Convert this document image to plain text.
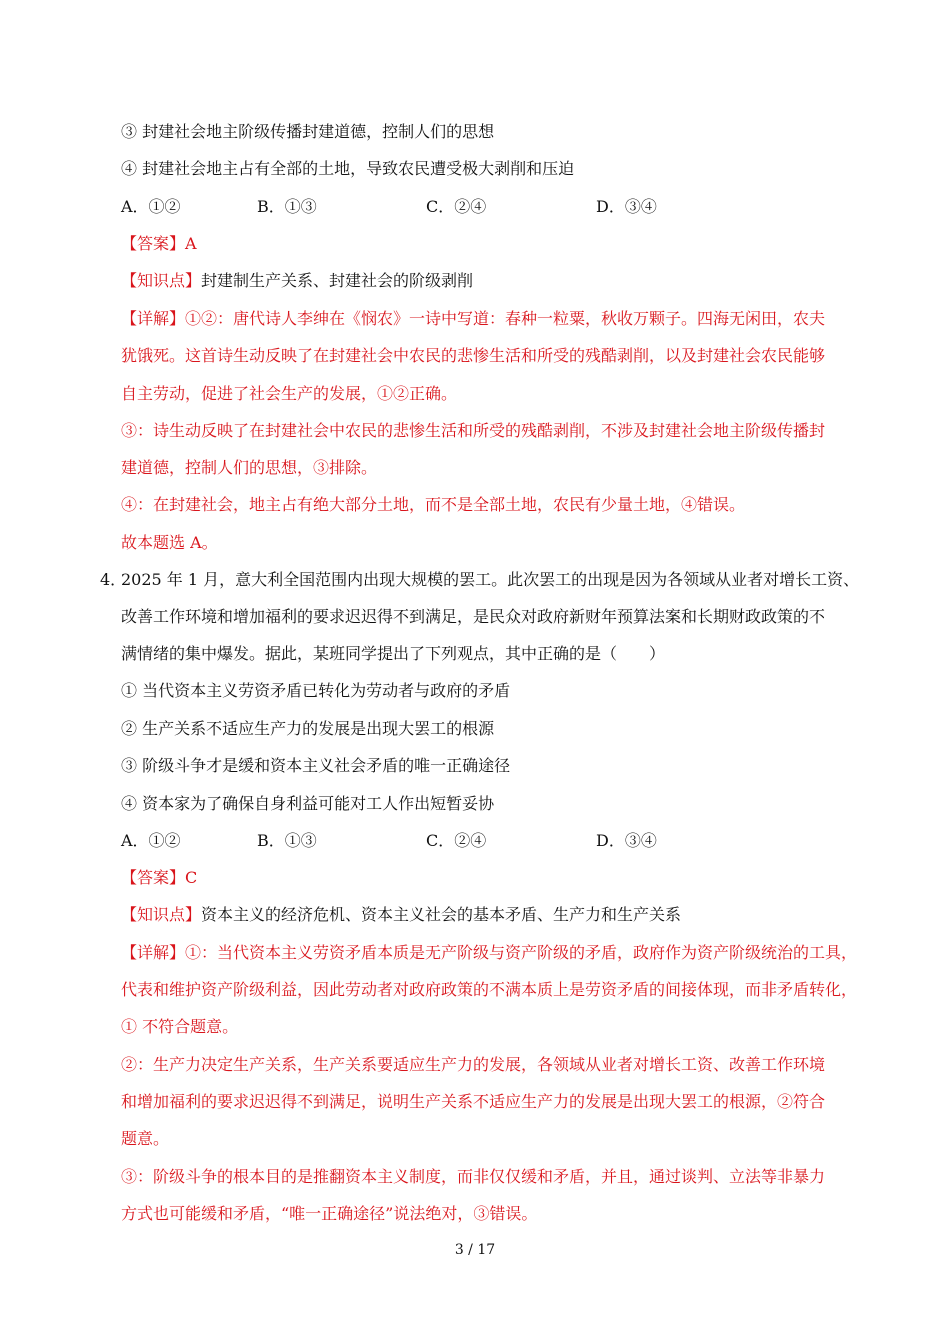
③ 封建社会地主阶级传播封建道德，控制人们的思想
④ 封建社会地主占有全部的土地，导致农民遭受极大剥削和压迫
A．①②	B．①③	C．②④	D．③④
【答案】A
【知识点】封建制生产关系、封建社会的阶级剥削
【详解】①②：唐代诗人李绅在《悯农》一诗中写道：春种一粒粟，秋收万颗子。四海无闲田，农夫
犹饿死。这首诗生动反映了在封建社会中农民的悲惨生活和所受的残酷剥削，以及封建社会农民能够
自主劳动，促进了社会生产的发展，①②正确。
③：诗生动反映了在封建社会中农民的悲惨生活和所受的残酷剥削，不涉及封建社会地主阶级传播封
建道德，控制人们的思想，③排除。
④：在封建社会，地主占有绝大部分土地，而不是全部土地，农民有少量土地，④错误。
故本题选 A。
4．
2025 年 1 月，意大利全国范围内出现大规模的罢工。此次罢工的出现是因为各领域从业者对增长工资、
改善工作环境和增加福利的要求迟迟得不到满足，是民众对政府新财年预算法案和长期财政政策的不
满情绪的集中爆发。据此，某班同学提出了下列观点，其中正确的是（　　）
① 当代资本主义劳资矛盾已转化为劳动者与政府的矛盾
② 生产关系不适应生产力的发展是出现大罢工的根源
③ 阶级斗争才是缓和资本主义社会矛盾的唯一正确途径
④ 资本家为了确保自身利益可能对工人作出短暂妥协
A．①②	B．①③	C．②④	D．③④
【答案】C
【知识点】资本主义的经济危机、资本主义社会的基本矛盾、生产力和生产关系
【详解】①：当代资本主义劳资矛盾本质是无产阶级与资产阶级的矛盾，政府作为资产阶级统治的工具，
代表和维护资产阶级利益，因此劳动者对政府政策的不满本质上是劳资矛盾的间接体现，而非矛盾转化，
① 不符合题意。
②：生产力决定生产关系，生产关系要适应生产力的发展，各领域从业者对增长工资、改善工作环境
和增加福利的要求迟迟得不到满足，说明生产关系不适应生产力的发展是出现大罢工的根源，②符合
题意。
③：阶级斗争的根本目的是推翻资本主义制度，而非仅仅缓和矛盾，并且，通过谈判、立法等非暴力
方式也可能缓和矛盾，“唯一正确途径”说法绝对，③错误。
3 / 17
